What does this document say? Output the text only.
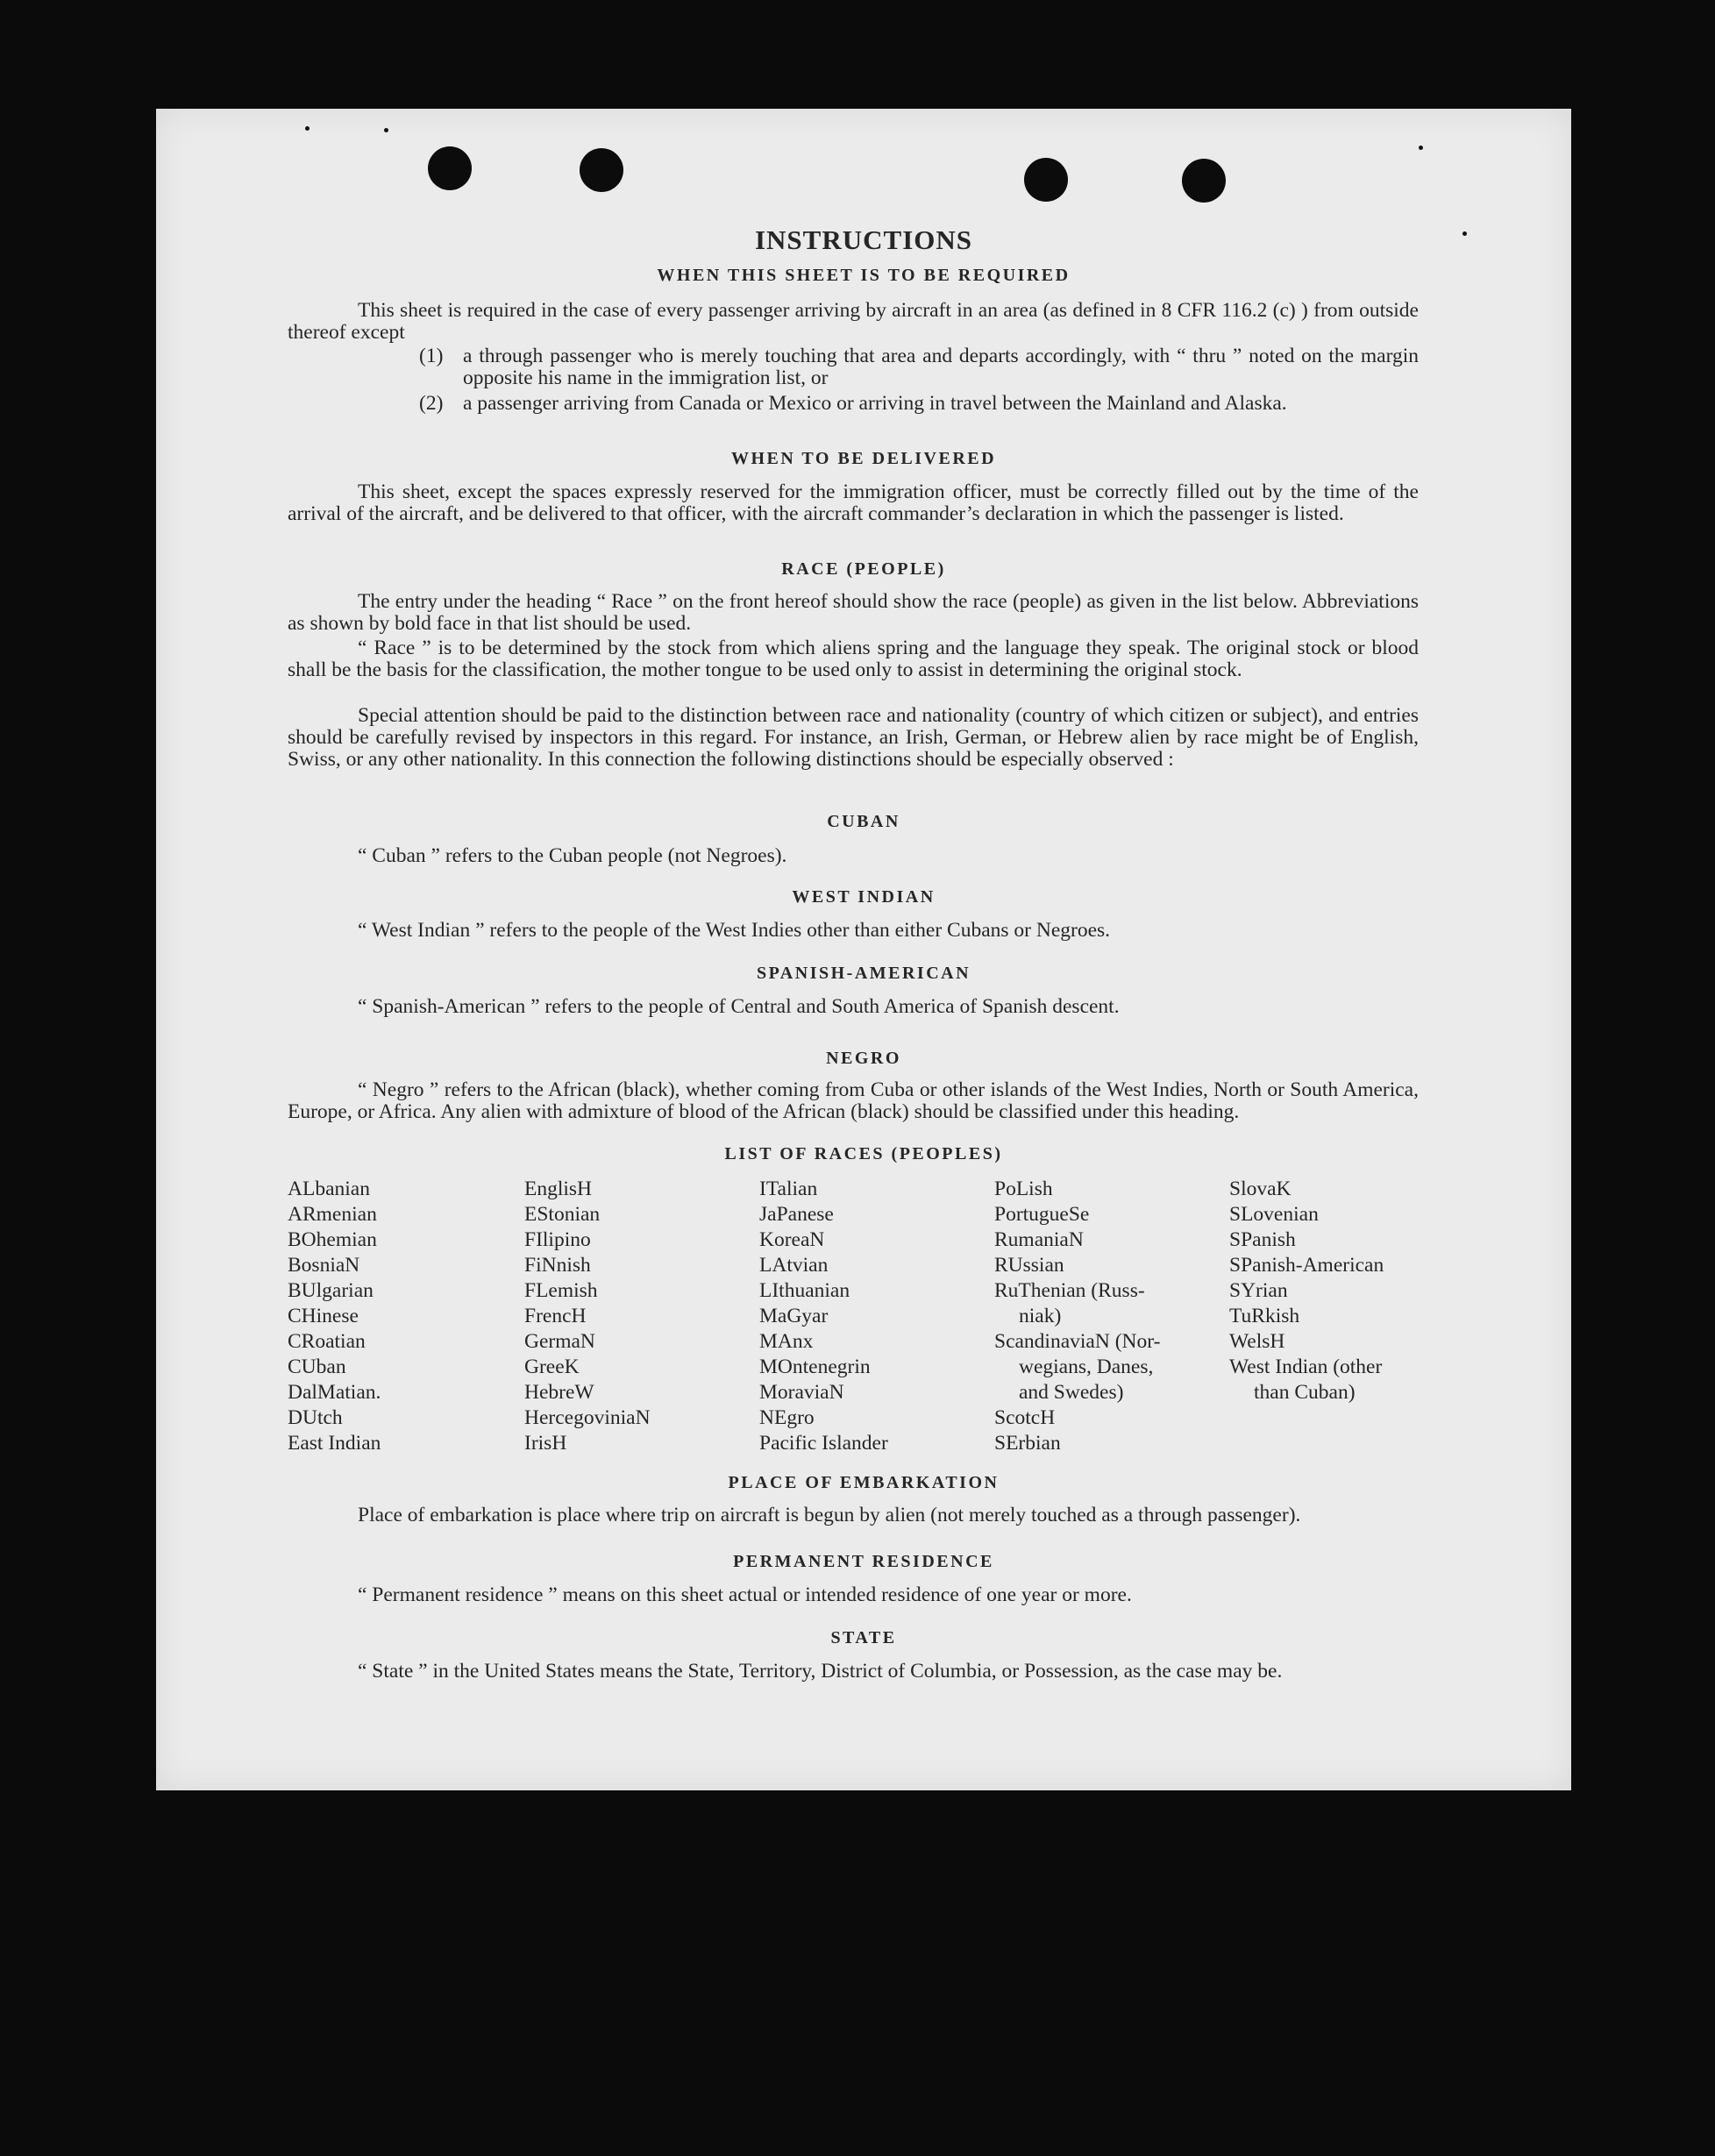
INSTRUCTIONS
WHEN THIS SHEET IS TO BE REQUIRED
This sheet is required in the case of every passenger arriving by aircraft in an area (as defined in 8 CFR 116.2 (c) ) from outside thereof except
(1) a through passenger who is merely touching that area and departs accordingly, with “ thru ” noted on the margin opposite his name in the immigration list, or
(2) a passenger arriving from Canada or Mexico or arriving in travel between the Mainland and Alaska.
WHEN TO BE DELIVERED
This sheet, except the spaces expressly reserved for the immigration officer, must be correctly filled out by the time of the arrival of the aircraft, and be delivered to that officer, with the aircraft commander’s declaration in which the passenger is listed.
RACE (PEOPLE)
The entry under the heading “ Race ” on the front hereof should show the race (people) as given in the list below. Abbreviations as shown by bold face in that list should be used.
“ Race ” is to be determined by the stock from which aliens spring and the language they speak. The original stock or blood shall be the basis for the classification, the mother tongue to be used only to assist in determining the original stock.
Special attention should be paid to the distinction between race and nationality (country of which citizen or subject), and entries should be carefully revised by inspectors in this regard. For instance, an Irish, German, or Hebrew alien by race might be of English, Swiss, or any other nationality. In this connection the following distinctions should be especially observed :
CUBAN
“ Cuban ” refers to the Cuban people (not Negroes).
WEST INDIAN
“ West Indian ” refers to the people of the West Indies other than either Cubans or Negroes.
SPANISH-AMERICAN
“ Spanish-American ” refers to the people of Central and South America of Spanish descent.
NEGRO
“ Negro ” refers to the African (black), whether coming from Cuba or other islands of the West Indies, North or South America, Europe, or Africa. Any alien with admixture of blood of the African (black) should be classified under this heading.
LIST OF RACES (PEOPLES)
ALbanian
ARmenian
BOhemian
BosniaN
BUlgarian
CHinese
CRoatian
CUban
DalMatian.
DUtch
East Indian
EnglisH
EStonian
FIlipino
FiNnish
FLemish
FrencH
GermaN
GreeK
HebreW
HercegoviniaN
IrisH
ITalian
JaPanese
KoreaN
LAtvian
LIthuanian
MaGyar
MAnx
MOntenegrin
MoraviaN
NEgro
Pacific Islander
PoLish
PortugueSe
RumaniaN
RUssian
RuThenian (Russ-
niak)
ScandinaviaN (Nor-
wegians, Danes,
and Swedes)
ScotcH
SErbian
SlovaK
SLovenian
SPanish
SPanish-American
SYrian
TuRkish
WelsH
West Indian (other
than Cuban)
PLACE OF EMBARKATION
Place of embarkation is place where trip on aircraft is begun by alien (not merely touched as a through passenger).
PERMANENT RESIDENCE
“ Permanent residence ” means on this sheet actual or intended residence of one year or more.
STATE
“ State ” in the United States means the State, Territory, District of Columbia, or Possession, as the case may be.
